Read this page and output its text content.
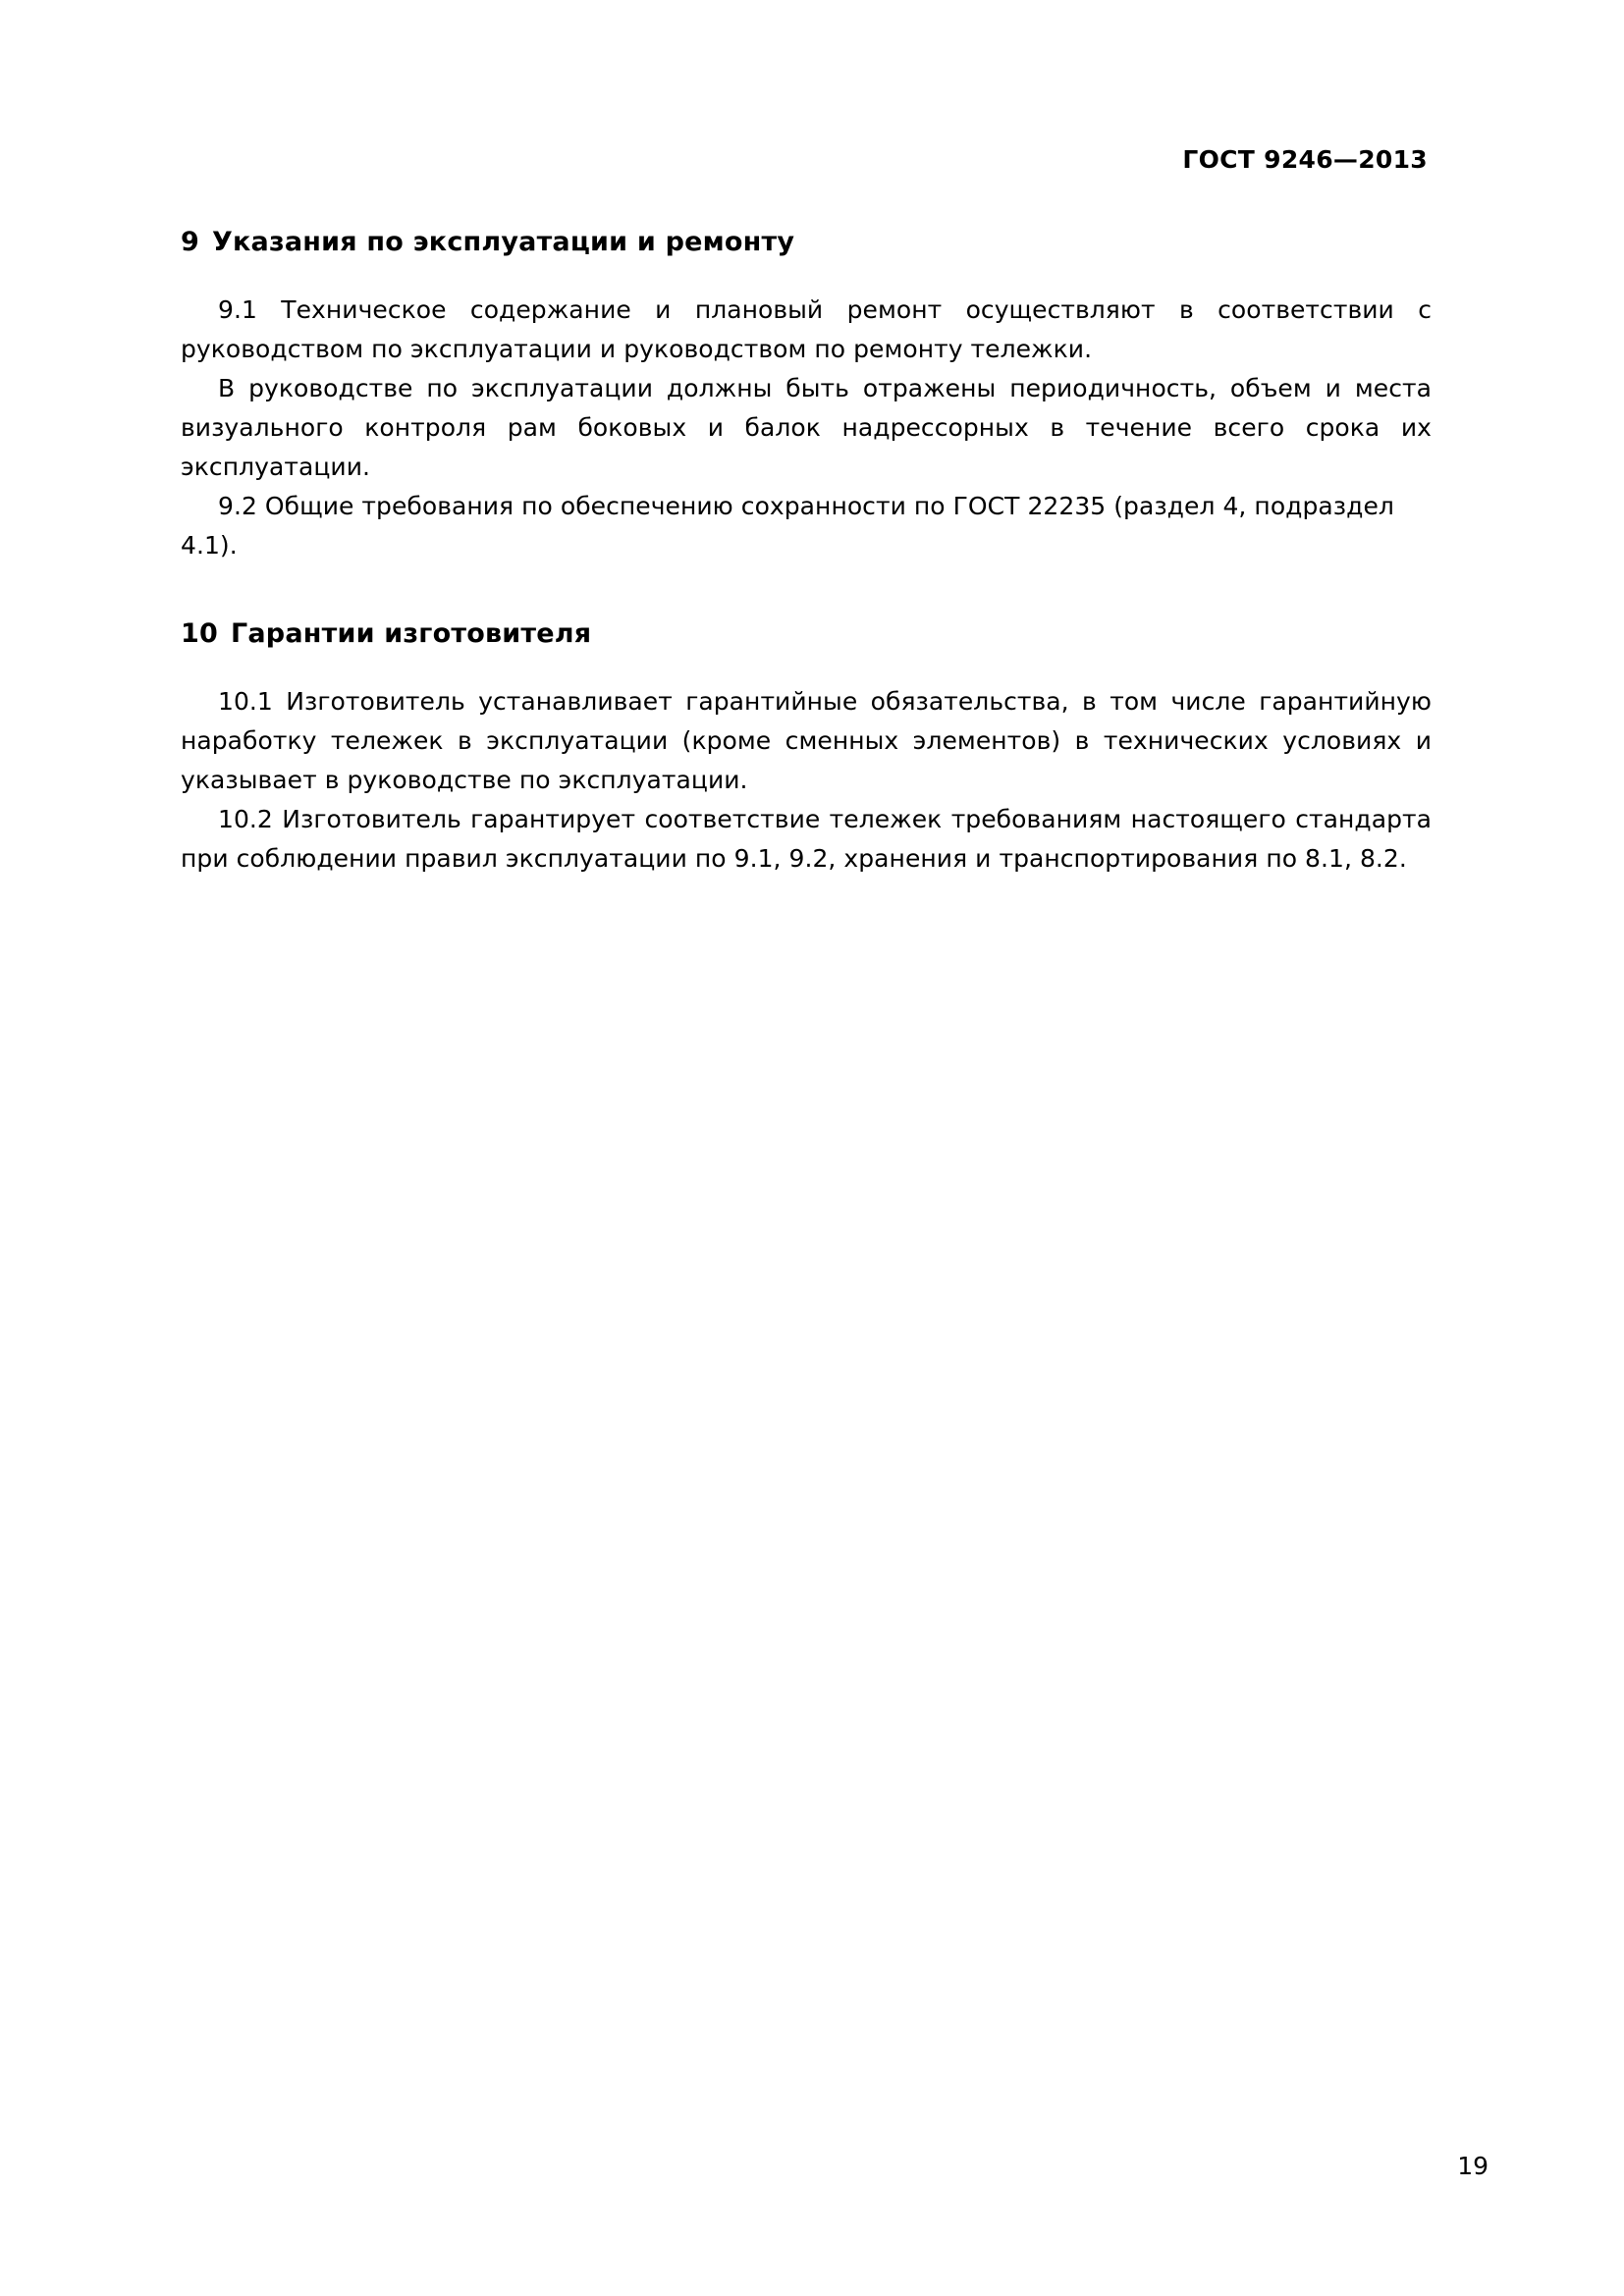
ГОСТ 9246—2013
9 Указания по эксплуатации и ремонту

9.1 Техническое содержание и плановый ремонт осуществляют в соответствии с руководством по эксплуатации и руководством по ремонту тележки.

В руководстве по эксплуатации должны быть отражены периодичность, объем и места визуального контроля рам боковых и балок надрессорных в течение всего срока их эксплуатации.

9.2 Общие требования по обеспечению сохранности по ГОСТ 22235 (раздел 4, подраздел 4.1).

10 Гарантии изготовителя

10.1 Изготовитель устанавливает гарантийные обязательства, в том числе гарантийную наработку тележек в эксплуатации (кроме сменных элементов) в технических условиях и указывает в руководстве по эксплуатации.

10.2 Изготовитель гарантирует соответствие тележек требованиям настоящего стандарта при соблюдении правил эксплуатации по 9.1, 9.2, хранения и транспортирования по 8.1, 8.2.

19
